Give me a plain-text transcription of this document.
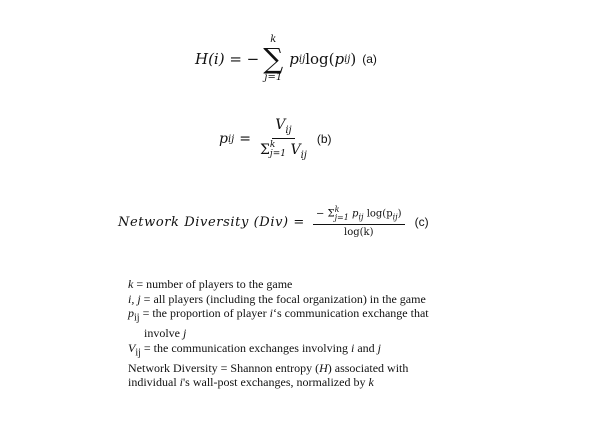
H(i) = −
k
∑
j=1
p ij log( p ij ) (a)
p ij = $V_{ij}$
Σ k
j=1 $V_{ij}$ (b)
Network Diversity (Div) = − Σ k
j=1 $p_{ij}$ $\log(p_{ij})$
log(k) (c)
k = number of players to the game
i, j = all players (including the focal organization) in the game
$p_{ij}$ = the proportion of player i‘s communication exchange that
involve j
$V_{ij}$ = the communication exchanges involving i and j
Network Diversity = Shannon entropy (H) associated with
individual i's wall-post exchanges, normalized by k
